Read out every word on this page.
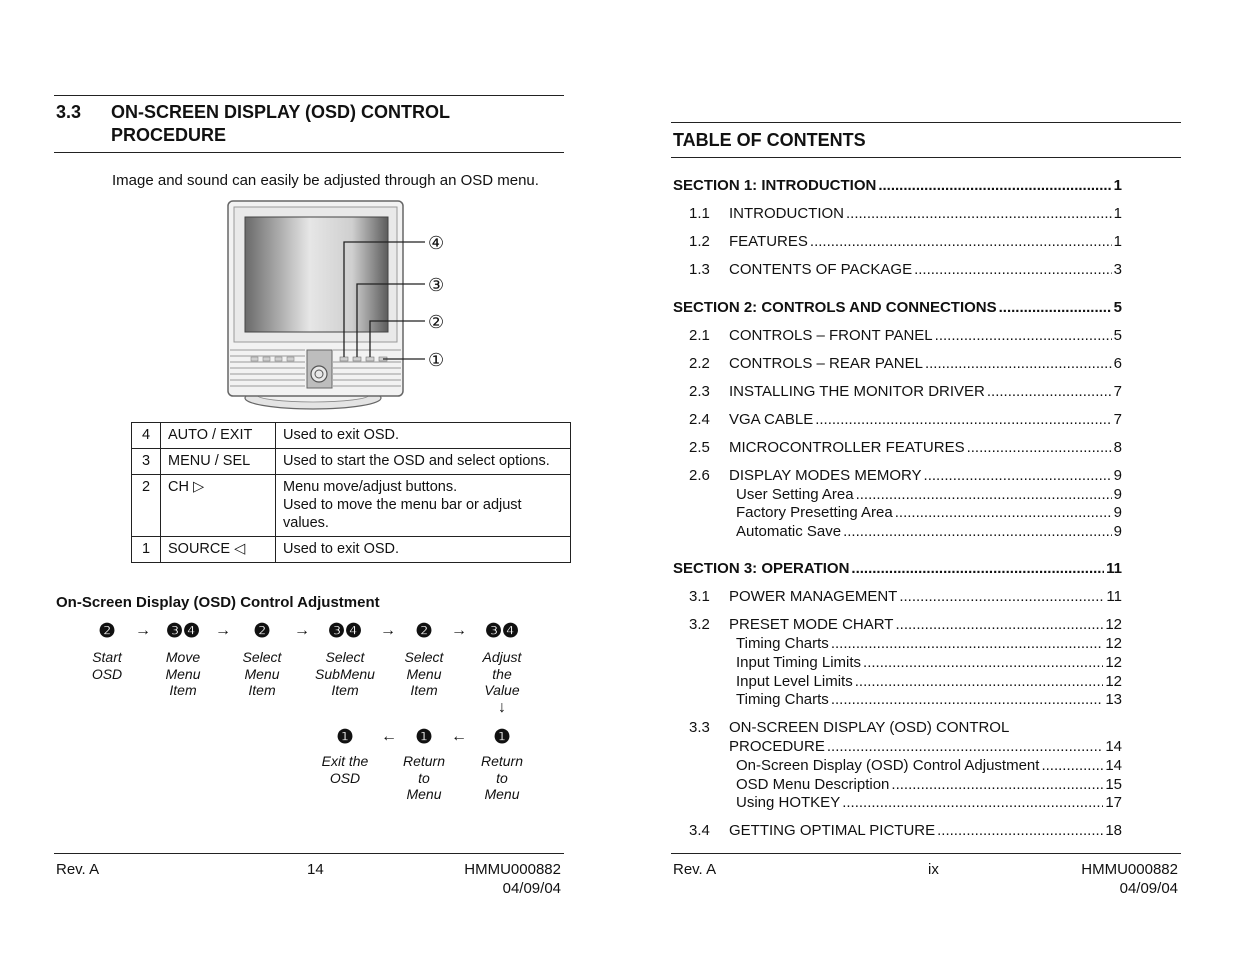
3.3 ON-SCREEN DISPLAY (OSD) CONTROL
PROCEDURE
Image and sound can easily be adjusted through an OSD menu.
④
③
②
①
4	AUTO / EXIT	Used to exit OSD.
3	MENU / SEL	Used to start the OSD and select options.
2	CH ▷	Menu move/adjust buttons.
Used to move the menu bar or adjust values.
1	SOURCE ◁	Used to exit OSD.
On-Screen Display (OSD) Control Adjustment
❷	→ ❸❹ →	❷	→ ❸❹	→	❷	→ ❸❹
Start
OSD
Move
Menu
Item
Select
Menu
Item
Select
SubMenu
Item
Select
Menu
Item
Adjust
the
Value
↓
❶	← ❶	←	❶
Exit the
OSD
Return
to
Menu
Return
to
Menu
Rev. A	14	HMMU000882
04/09/04
TABLE OF CONTENTS
SECTION 1: INTRODUCTION .....	1
1.1	INTRODUCTION .....	1
1.2	FEATURES .....	1
1.3	CONTENTS OF PACKAGE .....	3
SECTION 2: CONTROLS AND CONNECTIONS .....	5
2.1	CONTROLS – FRONT PANEL .....	5
2.2	CONTROLS – REAR PANEL .....	6
2.3	INSTALLING THE MONITOR DRIVER .....	7
2.4	VGA CABLE .....	7
2.5	MICROCONTROLLER FEATURES .....	8
2.6	DISPLAY MODES MEMORY .....	9
User Setting Area .....	9
Factory Presetting Area .....	9
Automatic Save .....	9
SECTION 3: OPERATION .....	11
3.1	POWER MANAGEMENT .....	11
3.2	PRESET MODE CHART .....	12
Timing Charts .....	12
Input Timing Limits .....	12
Input Level Limits .....	12
Timing Charts .....	13
3.3	ON-SCREEN DISPLAY (OSD) CONTROL
PROCEDURE .....	14
On-Screen Display (OSD) Control Adjustment .....	14
OSD Menu Description .....	15
Using HOTKEY .....	17
3.4	GETTING OPTIMAL PICTURE .....	18
Rev. A	ix	HMMU000882
04/09/04
